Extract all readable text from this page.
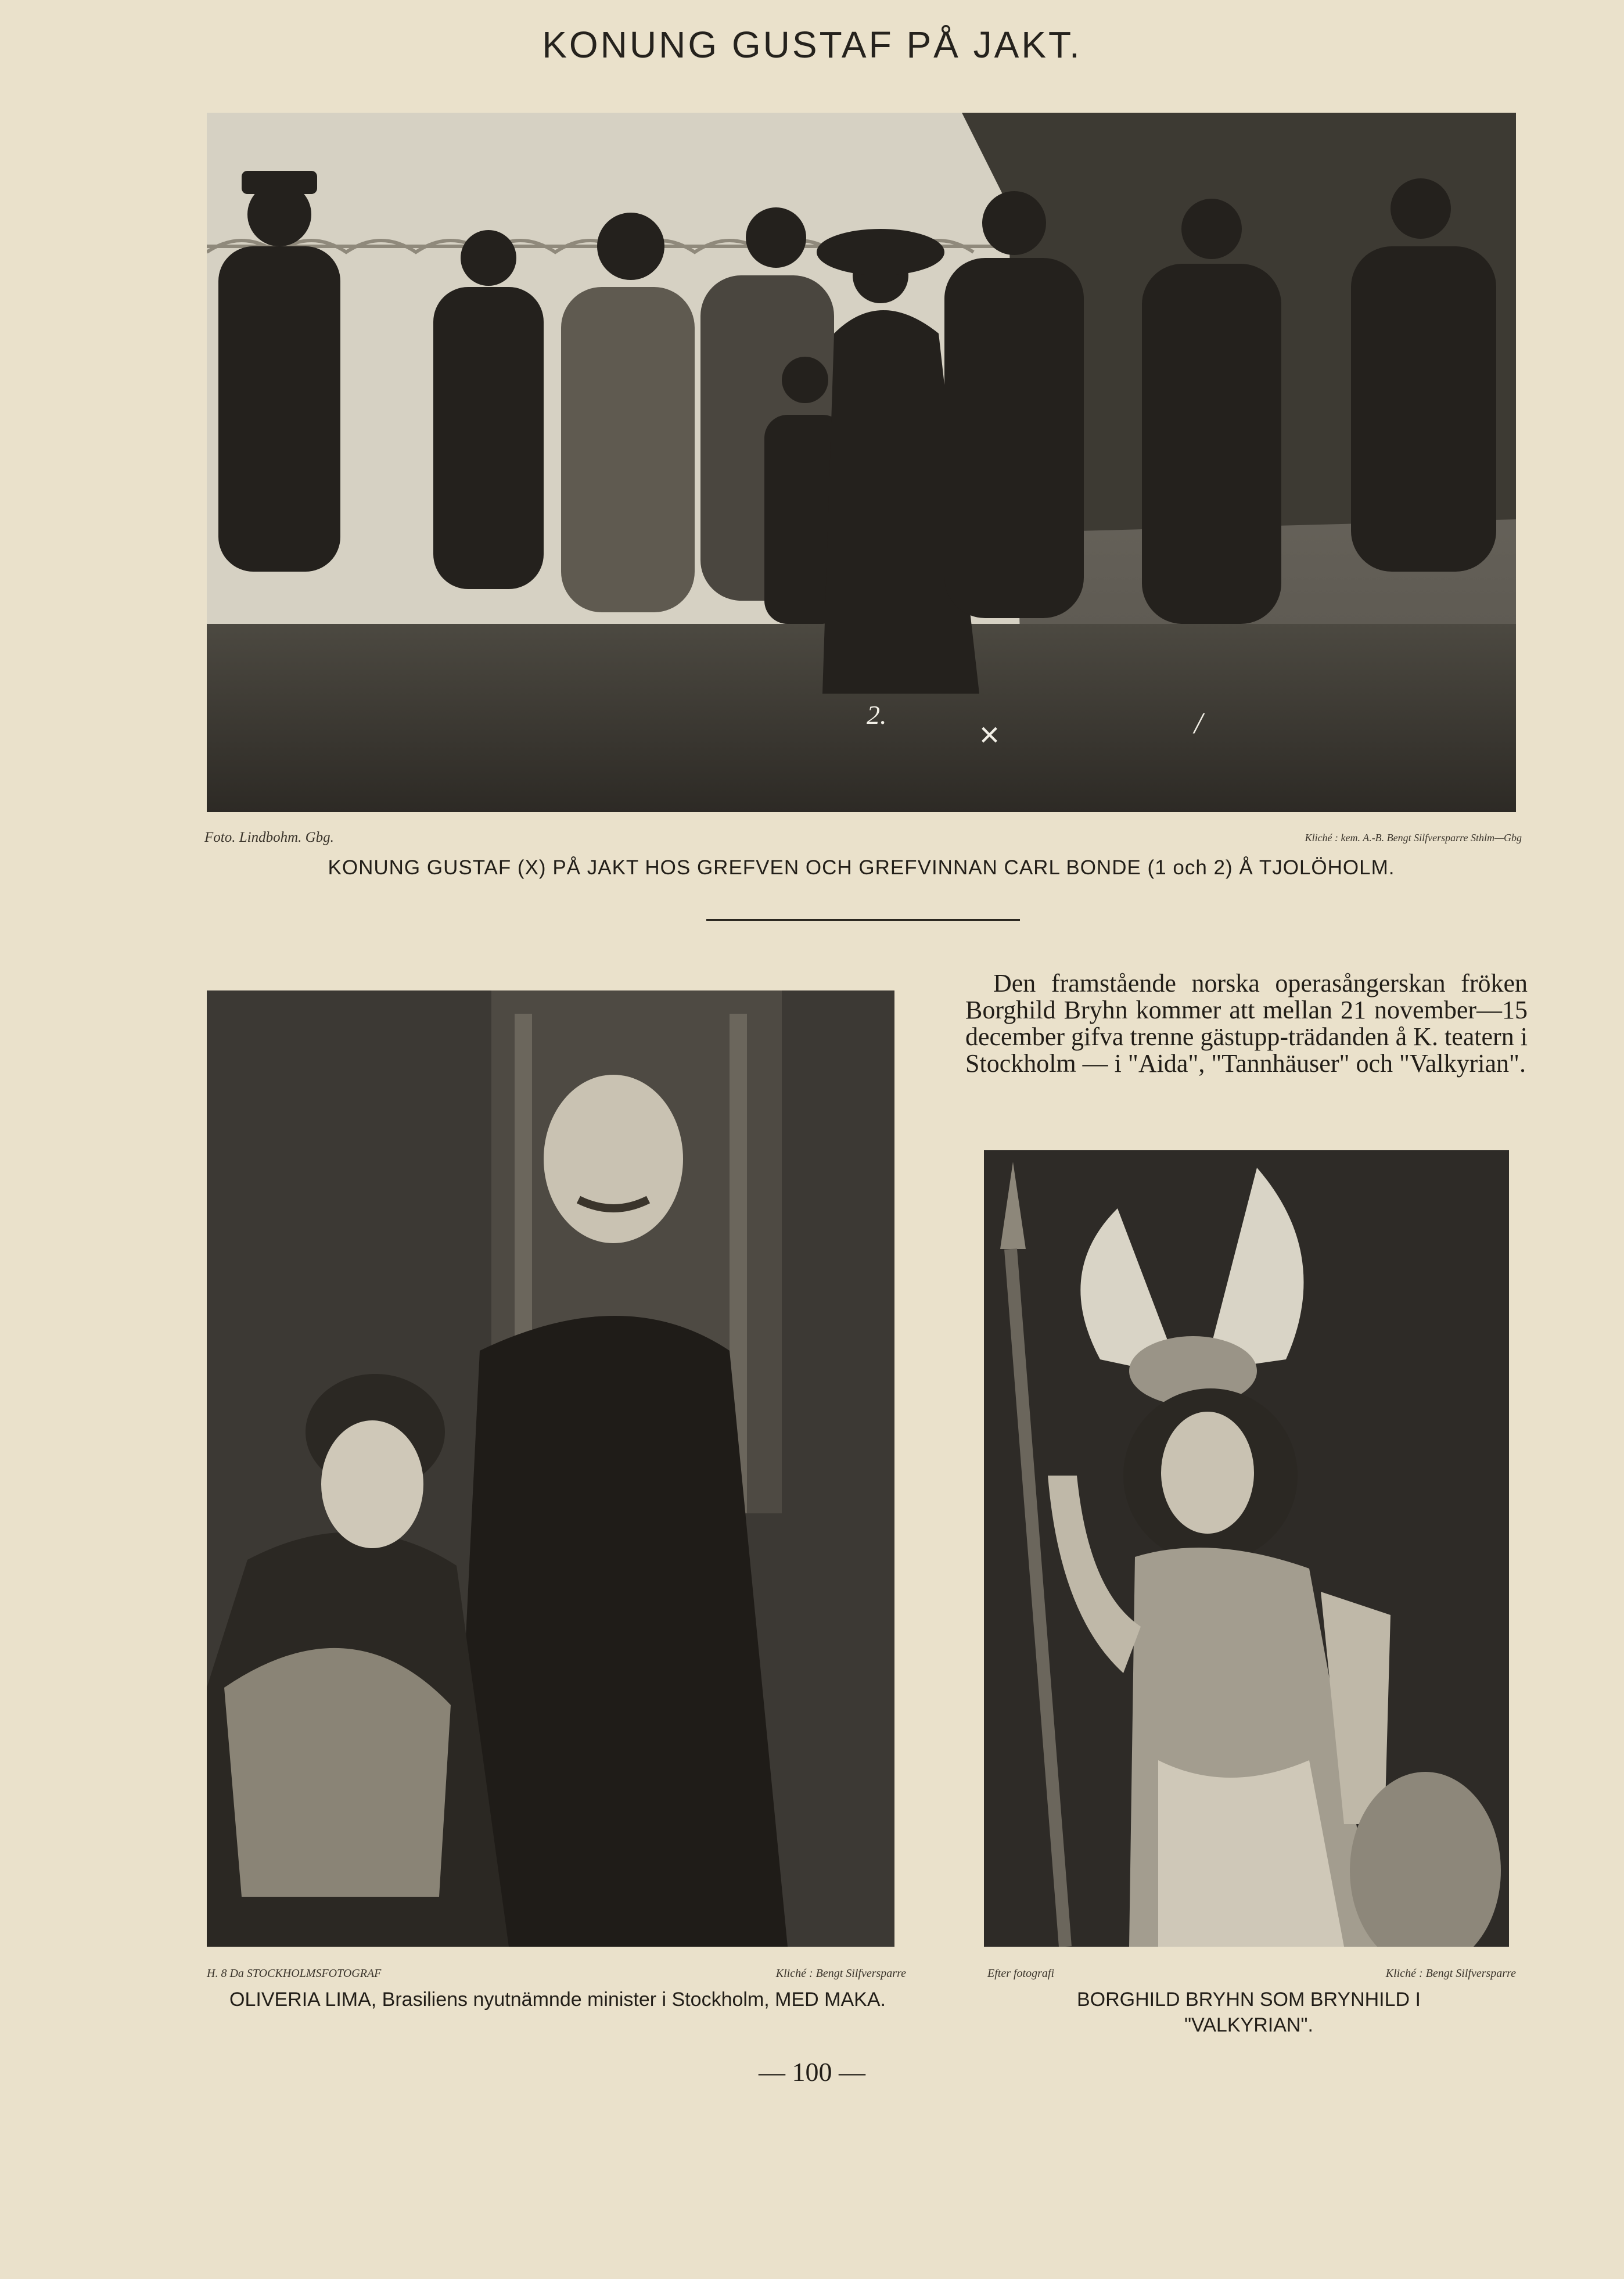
KONUNG GUSTAF PÅ JAKT.
×
2.	/
Foto. Lindbohm. Gbg.	Kliché : kem. A.-B. Bengt Silfversparre Sthlm—Gbg
KONUNG GUSTAF (X) PÅ JAKT HOS GREFVEN OCH GREFVINNAN CARL BONDE (1 och 2) Å TJOLÖHOLM.
H. 8 Da STOCKHOLMSFOTOGRAF	Kliché : Bengt Silfversparre
OLIVERIA LIMA, Brasiliens nyutnämnde minister i Stockholm, MED MAKA.

Den framstående norska operasångerskan fröken Borghild Bryhn kommer att mellan 21 november—15 december gifva trenne gästupp-trädanden å K. teatern i Stockholm — i "Aida", "Tannhäuser" och "Valkyrian".

Efter fotografi	Kliché : Bengt Silfversparre
BORGHILD BRYHN SOM BRYNHILD I "VALKYRIAN".
— 100 —
